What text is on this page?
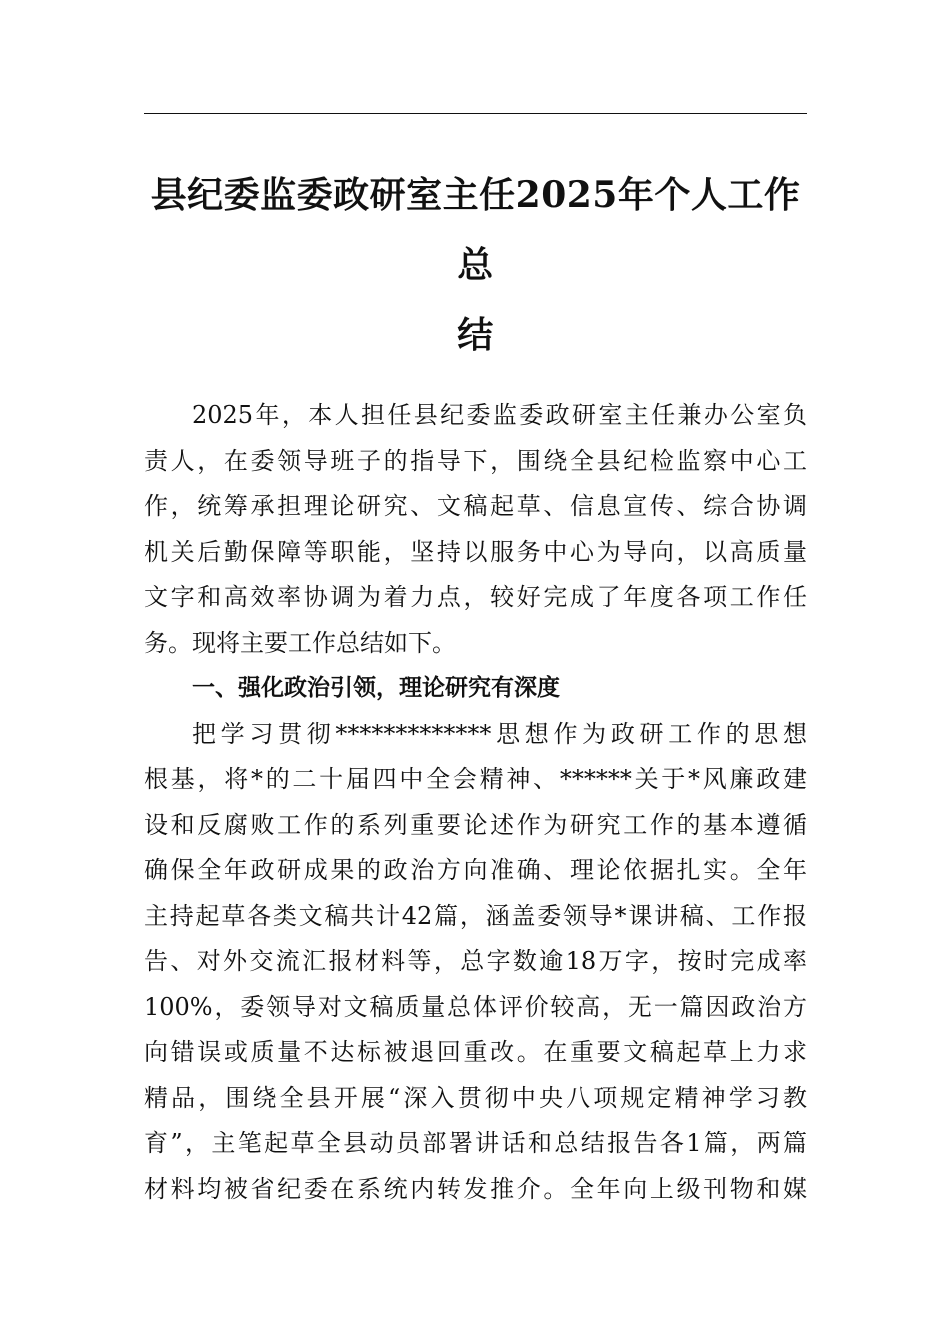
县纪委监委政研室主任2025年个人工作总
结
2025年，本人担任县纪委监委政研室主任兼办公室负
责人，在委领导班子的指导下，围绕全县纪检监察中心工
作，统筹承担理论研究、文稿起草、信息宣传、综合协调
机关后勤保障等职能，坚持以服务中心为导向，以高质量
文字和高效率协调为着力点，较好完成了年度各项工作任
务。现将主要工作总结如下。
一、强化政治引领，理论研究有深度
把学习贯彻*************思想作为政研工作的思想
根基，将*的二十届四中全会精神、******关于*风廉政建
设和反腐败工作的系列重要论述作为研究工作的基本遵循
确保全年政研成果的政治方向准确、理论依据扎实。全年
主持起草各类文稿共计42篇，涵盖委领导*课讲稿、工作报
告、对外交流汇报材料等，总字数逾18万字，按时完成率
100%，委领导对文稿质量总体评价较高，无一篇因政治方
向错误或质量不达标被退回重改。在重要文稿起草上力求
精品，围绕全县开展“深入贯彻中央八项规定精神学习教
育”，主笔起草全县动员部署讲话和总结报告各1篇，两篇
材料均被省纪委在系统内转发推介。全年向上级刊物和媒
